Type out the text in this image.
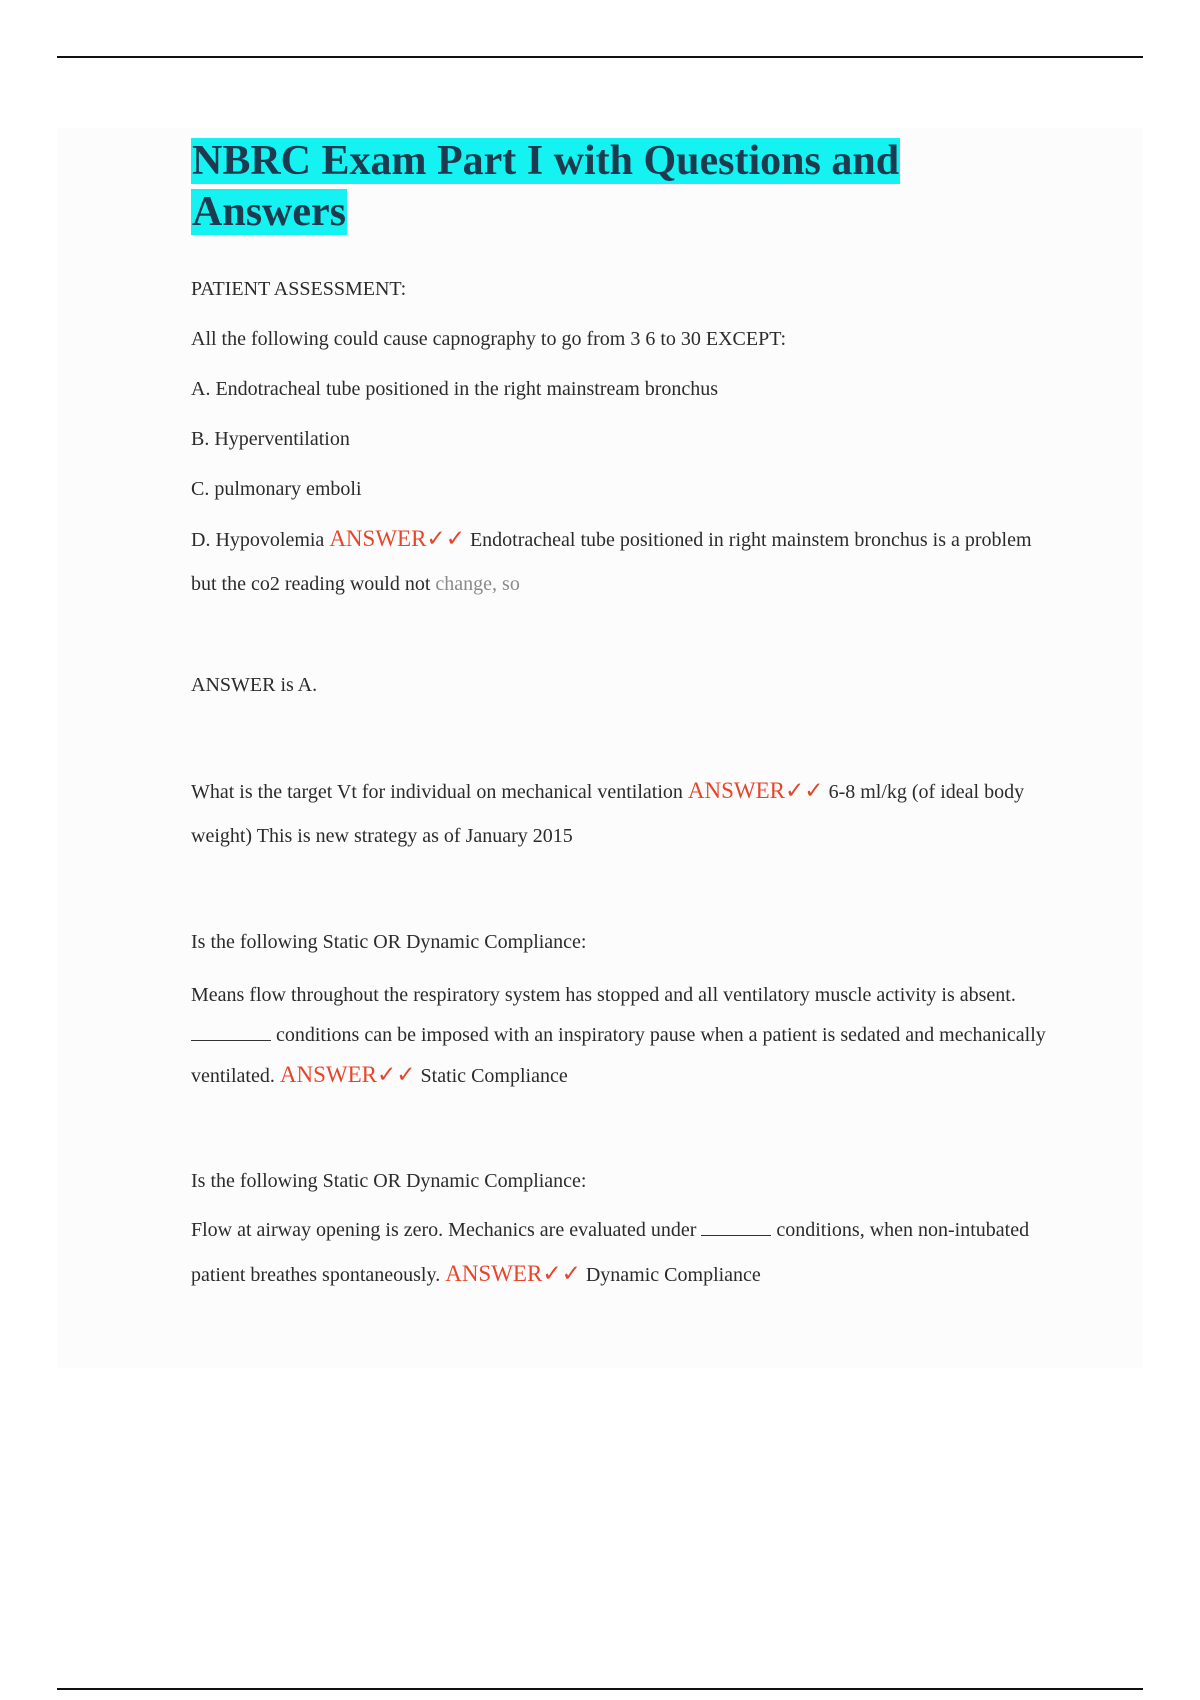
NBRC Exam Part I with Questions and Answers

PATIENT ASSESSMENT:

All the following could cause capnography to go from 3 6 to 30 EXCEPT:

A. Endotracheal tube positioned in the right mainstream bronchus

B. Hyperventilation

C. pulmonary emboli

D. Hypovolemia ANSWER✓✓ Endotracheal tube positioned in right mainstem bronchus is a problem but the co2 reading would not change, so

ANSWER is A.

What is the target Vt for individual on mechanical ventilation ANSWER✓✓ 6-8 ml/kg (of ideal body weight) This is new strategy as of January 2015

Is the following Static OR Dynamic Compliance:

Means flow throughout the respiratory system has stopped and all ventilatory muscle activity is absent.  conditions can be imposed with an inspiratory pause when a patient is sedated and mechanically ventilated. ANSWER✓✓ Static Compliance

Is the following Static OR Dynamic Compliance:

Flow at airway opening is zero. Mechanics are evaluated under	conditions, when non-intubated patient breathes spontaneously. ANSWER✓✓ Dynamic Compliance
